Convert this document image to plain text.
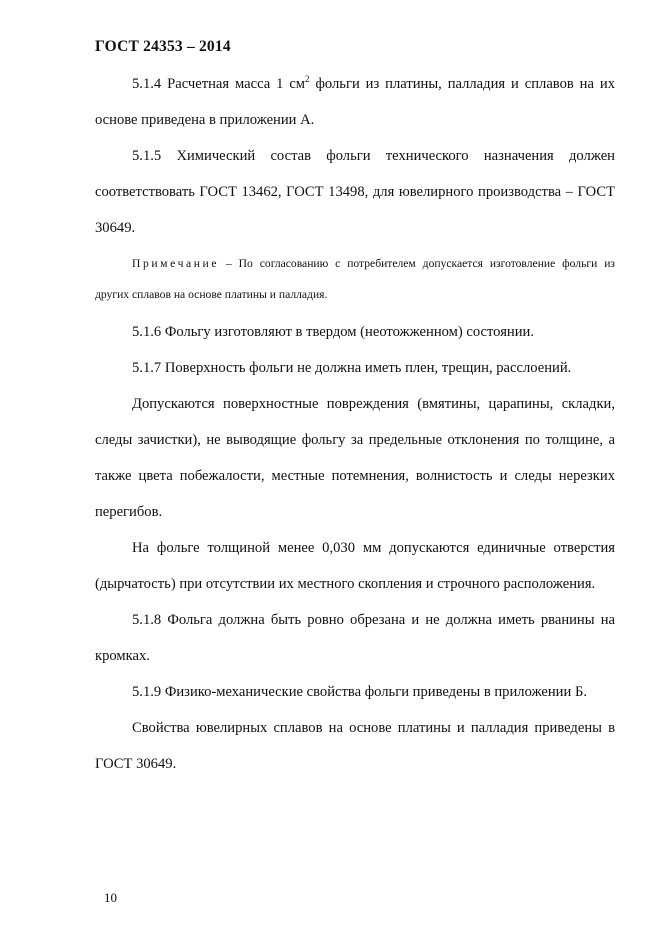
ГОСТ 24353 – 2014

5.1.4 Расчетная масса 1 $см^2$ фольги из платины, палладия и сплавов на их основе приведена в приложении А.

5.1.5 Химический состав фольги технического назначения должен соответствовать ГОСТ 13462, ГОСТ 13498, для ювелирного производства – ГОСТ 30649.

Примечание – По согласованию с потребителем допускается изготовление фольги из других сплавов на основе платины и палладия.

5.1.6 Фольгу изготовляют в твердом (неотожженном) состоянии.

5.1.7 Поверхность фольги не должна иметь плен, трещин, расслоений.

Допускаются поверхностные повреждения (вмятины, царапины, складки, следы зачистки), не выводящие фольгу за предельные отклонения по толщине, а также цвета побежалости, местные потемнения, волнистость и следы нерезких перегибов.

На фольге толщиной менее 0,030 мм допускаются единичные отверстия (дырчатость) при отсутствии их местного скопления и строчного расположения.

5.1.8 Фольга должна быть ровно обрезана и не должна иметь рванины на кромках.

5.1.9 Физико-механические свойства фольги приведены в приложении Б.

Свойства ювелирных сплавов на основе платины и палладия приведены в ГОСТ 30649.

10
